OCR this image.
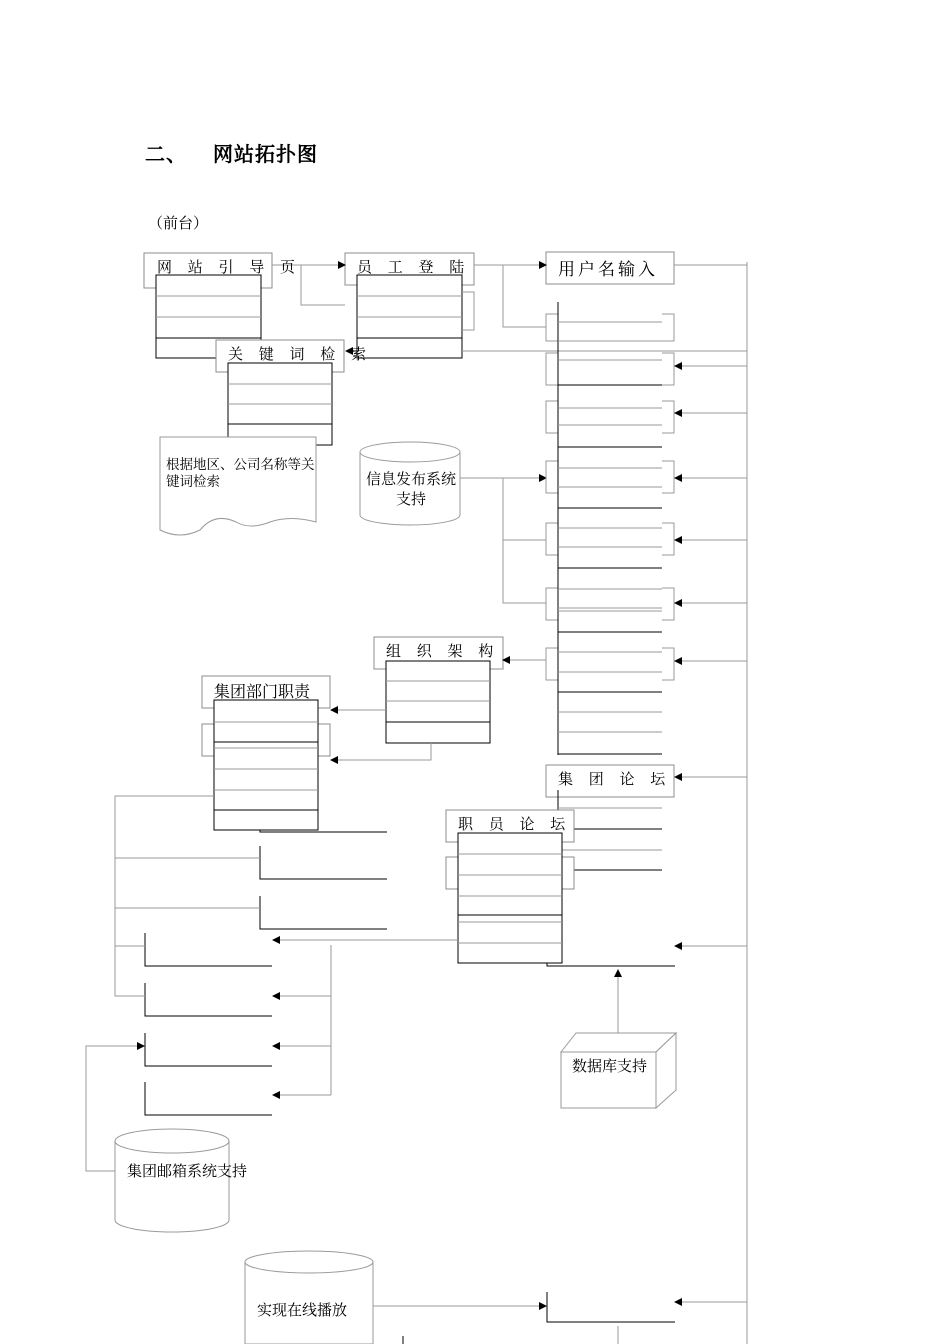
二、 网站拓扑图
（前台）
网 站 引 导 页	员 工 登 陆	用户名输入
关 键 词 检 索
根据地区、公司名称等关键词检索	信息发布系统支持
组 织 架 构
集团部门职责
集 团 论 坛
职 员 论 坛
数据库支持
集团邮箱系统支持
实现在线播放
